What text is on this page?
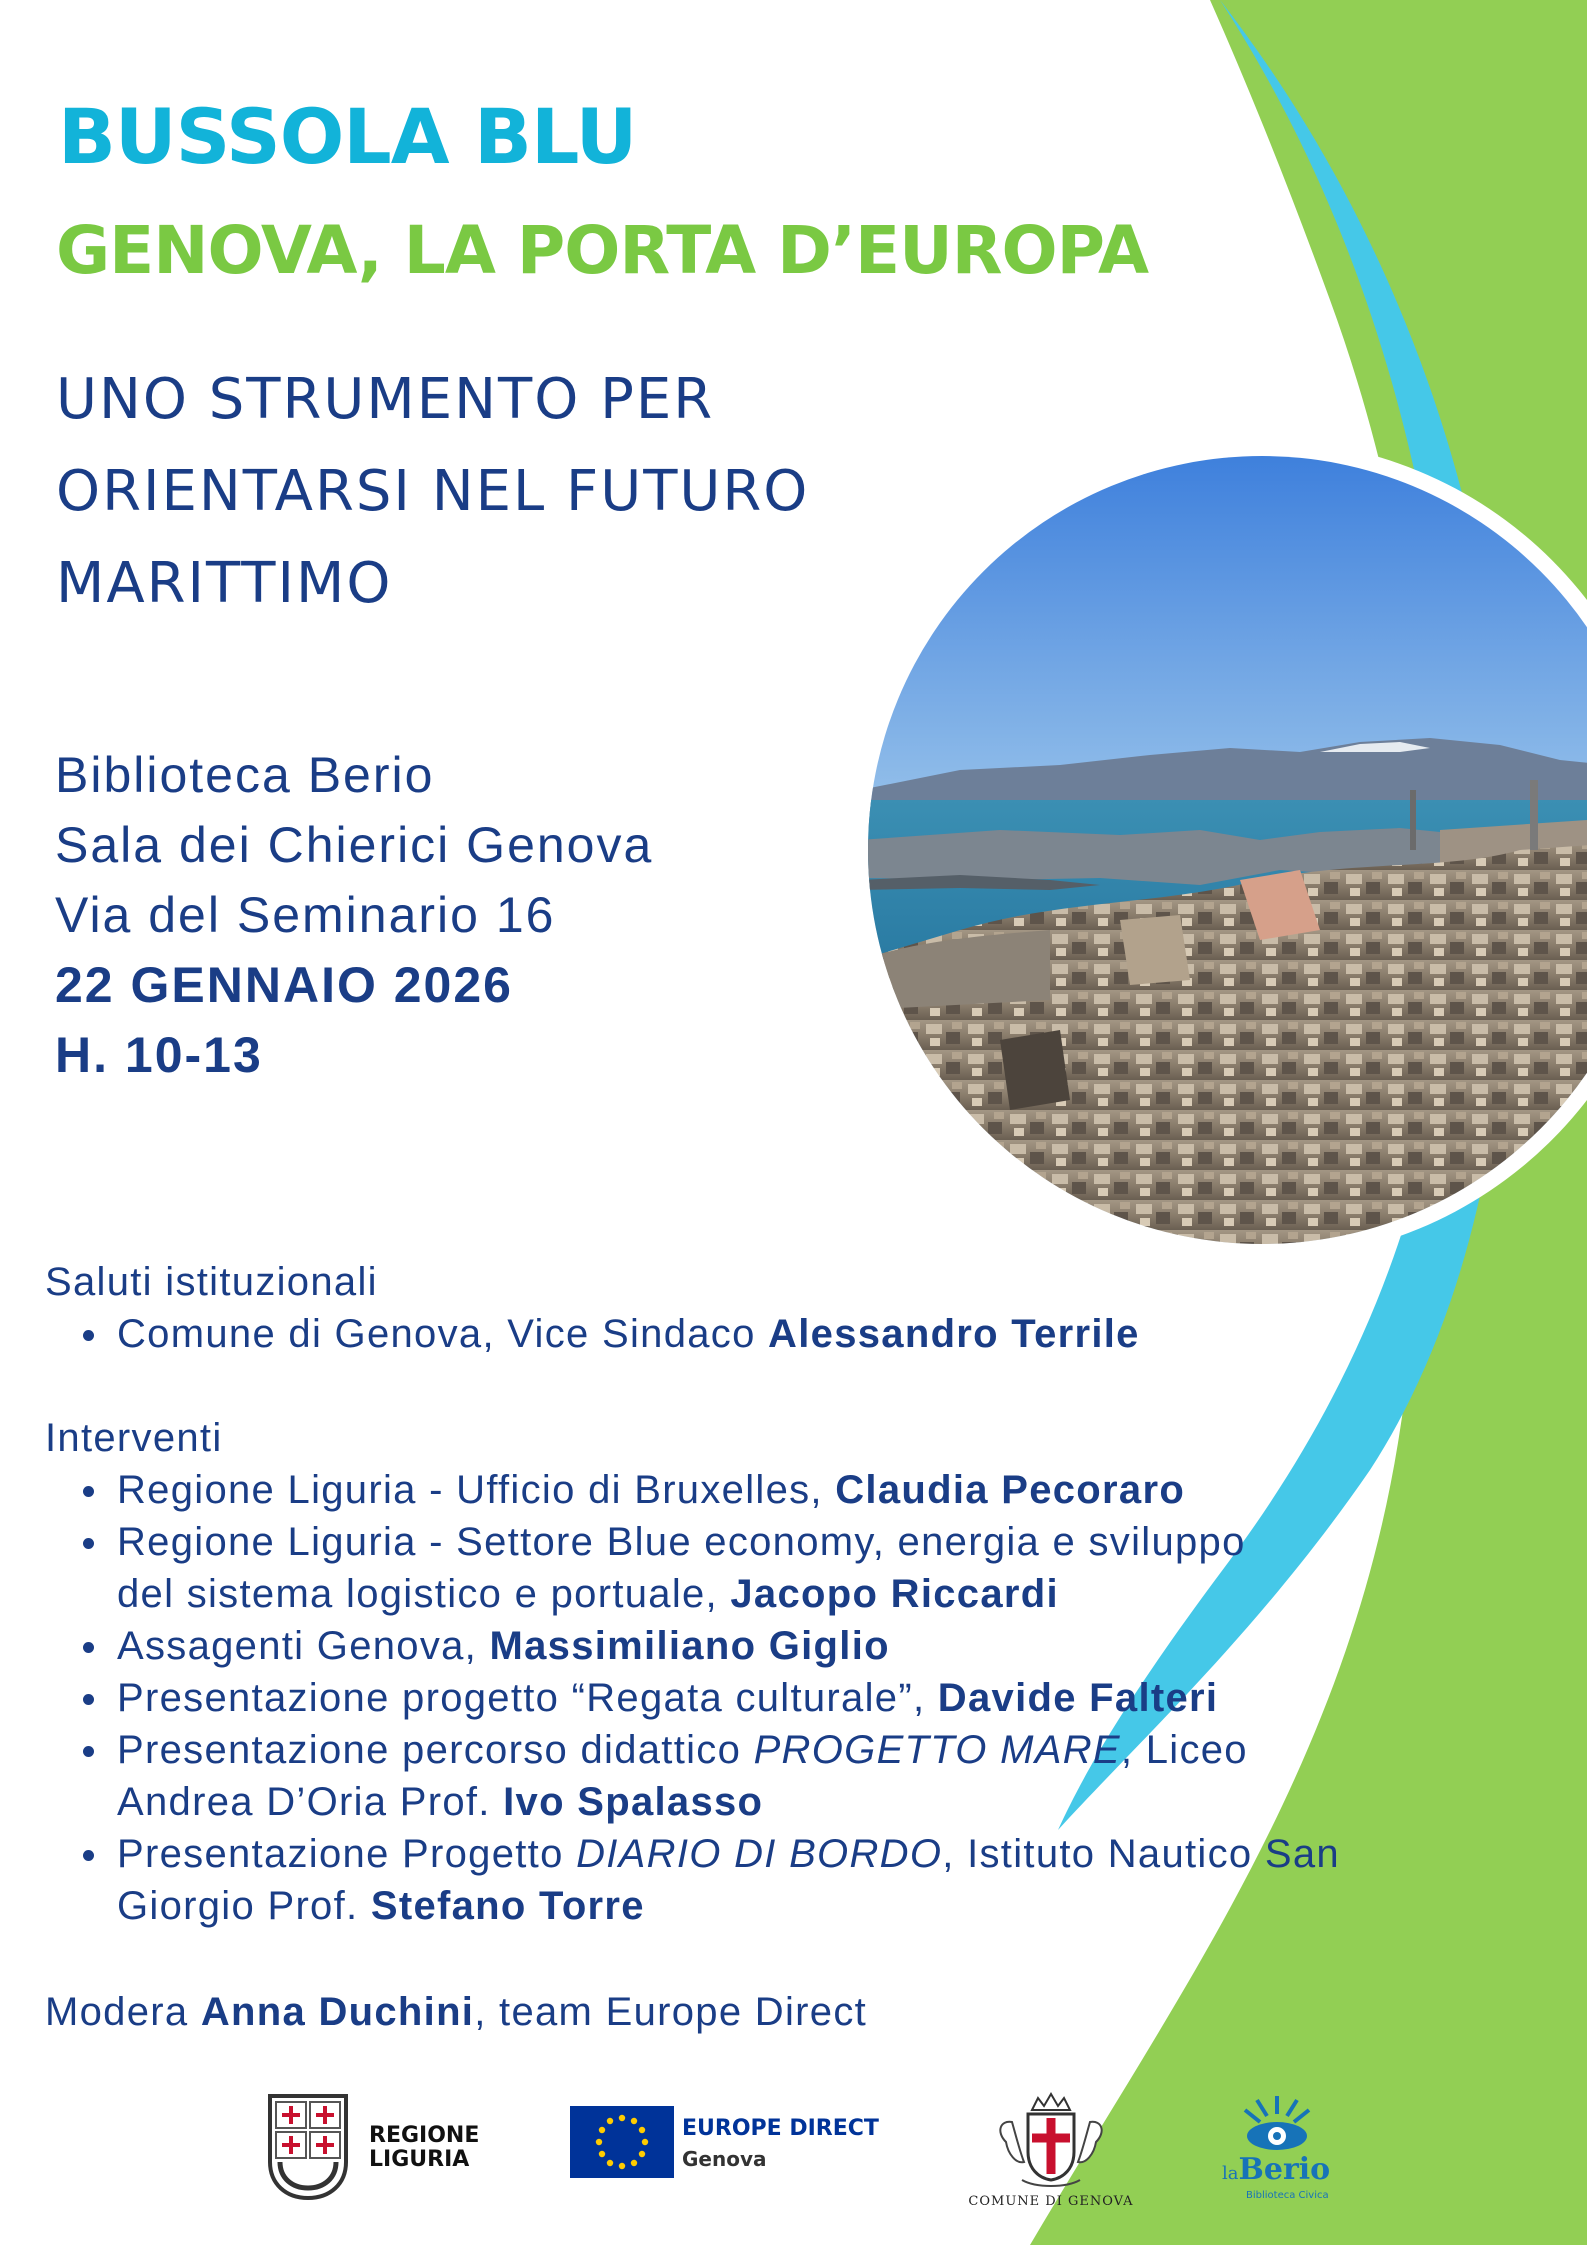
BUSSOLA BLU
GENOVA, LA PORTA D’EUROPA
UNO STRUMENTO PER
ORIENTARSI NEL FUTURO
MARITTIMO
Biblioteca Berio
Sala dei Chierici Genova
Via del Seminario 16
22 GENNAIO 2026
H. 10-13
Saluti istituzionali
Comune di Genova, Vice Sindaco Alessandro Terrile
Interventi
Regione Liguria - Ufficio di Bruxelles, Claudia Pecoraro
Regione Liguria - Settore Blue economy, energia e sviluppo
del sistema logistico e portuale, Jacopo Riccardi
Assagenti Genova, Massimiliano Giglio
Presentazione progetto “Regata culturale”, Davide Falteri
Presentazione percorso didattico PROGETTO MARE, Liceo
Andrea D’Oria Prof. Ivo Spalasso
Presentazione Progetto DIARIO DI BORDO, Istituto Nautico San
Giorgio Prof. Stefano Torre
Modera Anna Duchini, team Europe Direct
REGIONE
LIGURIA
EUROPE DIRECT
Genova
COMUNE DI GENOVA
laBerio
Biblioteca Civica
